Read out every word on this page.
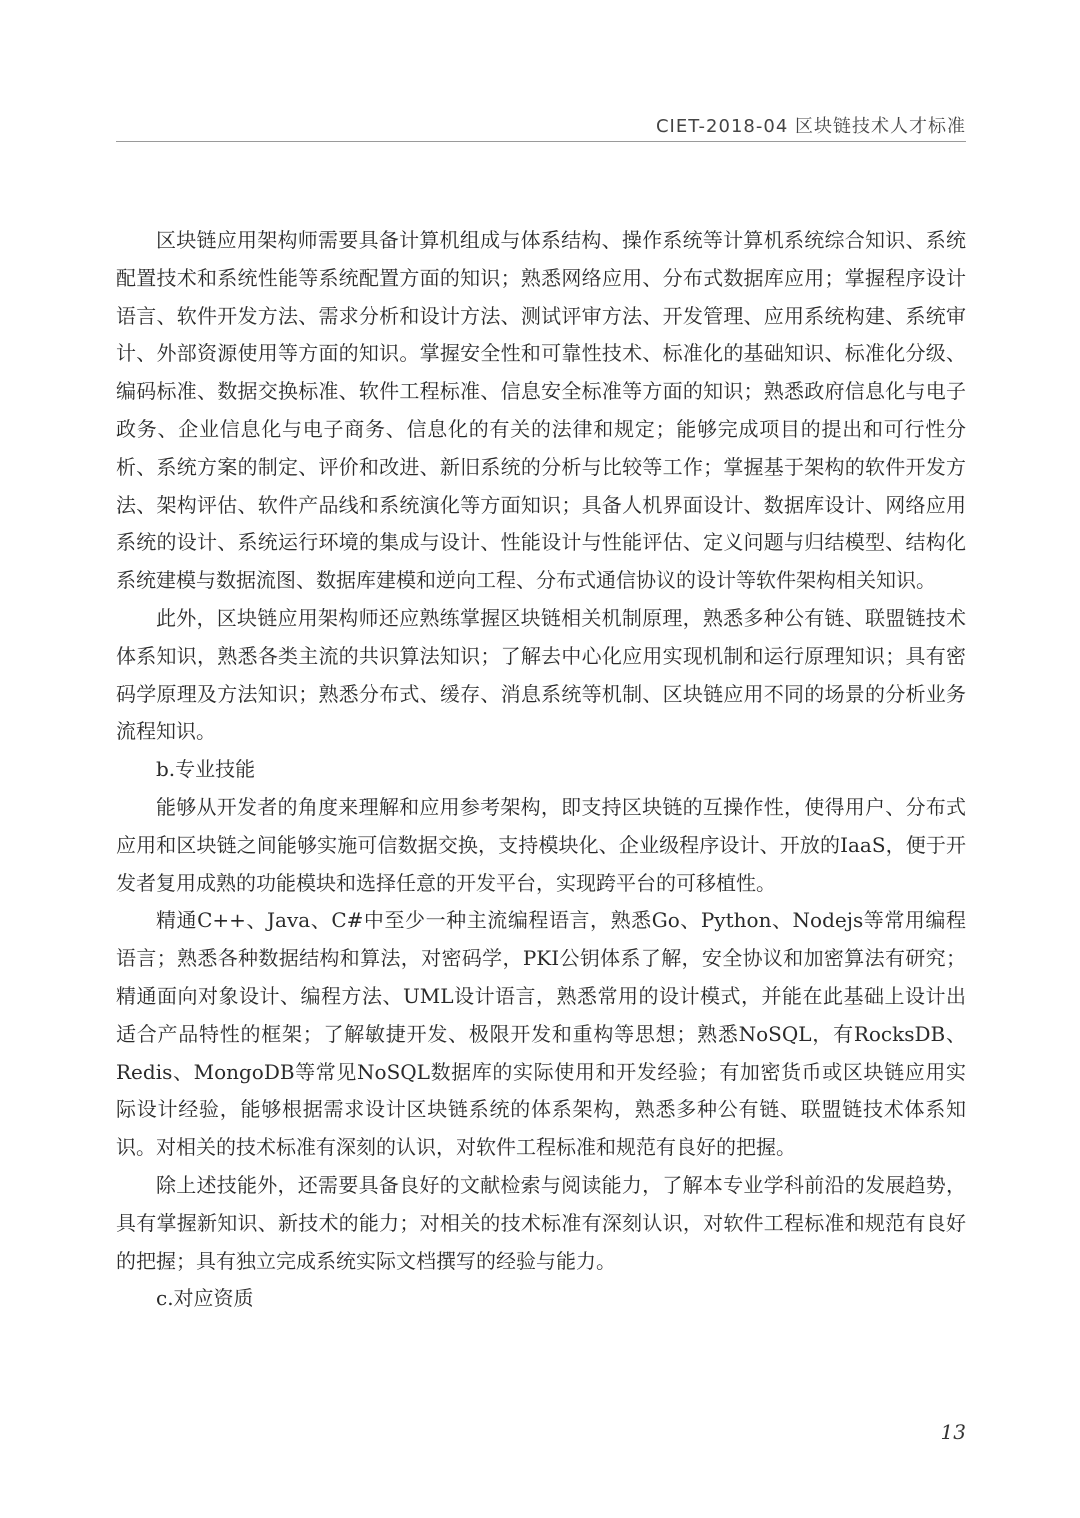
CIET-2018-04 区块链技术人才标准

区块链应用架构师需要具备计算机组成与体系结构、操作系统等计算机系统综合知识、系统配置技术和系统性能等系统配置方面的知识；熟悉网络应用、分布式数据库应用；掌握程序设计语言、软件开发方法、需求分析和设计方法、测试评审方法、开发管理、应用系统构建、系统审计、外部资源使用等方面的知识。掌握安全性和可靠性技术、标准化的基础知识、标准化分级、编码标准、数据交换标准、软件工程标准、信息安全标准等方面的知识；熟悉政府信息化与电子政务、企业信息化与电子商务、信息化的有关的法律和规定；能够完成项目的提出和可行性分析、系统方案的制定、评价和改进、新旧系统的分析与比较等工作；掌握基于架构的软件开发方法、架构评估、软件产品线和系统演化等方面知识；具备人机界面设计、数据库设计、网络应用系统的设计、系统运行环境的集成与设计、性能设计与性能评估、定义问题与归结模型、结构化系统建模与数据流图、数据库建模和逆向工程、分布式通信协议的设计等软件架构相关知识。

此外，区块链应用架构师还应熟练掌握区块链相关机制原理，熟悉多种公有链、联盟链技术体系知识，熟悉各类主流的共识算法知识；了解去中心化应用实现机制和运行原理知识；具有密码学原理及方法知识；熟悉分布式、缓存、消息系统等机制、区块链应用不同的场景的分析业务流程知识。

b.专业技能

能够从开发者的角度来理解和应用参考架构，即支持区块链的互操作性，使得用户、分布式应用和区块链之间能够实施可信数据交换，支持模块化、企业级程序设计、开放的IaaS，便于开发者复用成熟的功能模块和选择任意的开发平台，实现跨平台的可移植性。

精通C++、Java、C#中至少一种主流编程语言，熟悉Go、Python、Nodejs等常用编程语言；熟悉各种数据结构和算法，对密码学，PKI公钥体系了解，安全协议和加密算法有研究；精通面向对象设计、编程方法、UML设计语言，熟悉常用的设计模式，并能在此基础上设计出适合产品特性的框架；了解敏捷开发、极限开发和重构等思想；熟悉NoSQL，有RocksDB、Redis、MongoDB等常见NoSQL数据库的实际使用和开发经验；有加密货币或区块链应用实际设计经验，能够根据需求设计区块链系统的体系架构，熟悉多种公有链、联盟链技术体系知识。对相关的技术标准有深刻的认识，对软件工程标准和规范有良好的把握。

除上述技能外，还需要具备良好的文献检索与阅读能力，了解本专业学科前沿的发展趋势，具有掌握新知识、新技术的能力；对相关的技术标准有深刻认识，对软件工程标准和规范有良好的把握；具有独立完成系统实际文档撰写的经验与能力。

c.对应资质

13
